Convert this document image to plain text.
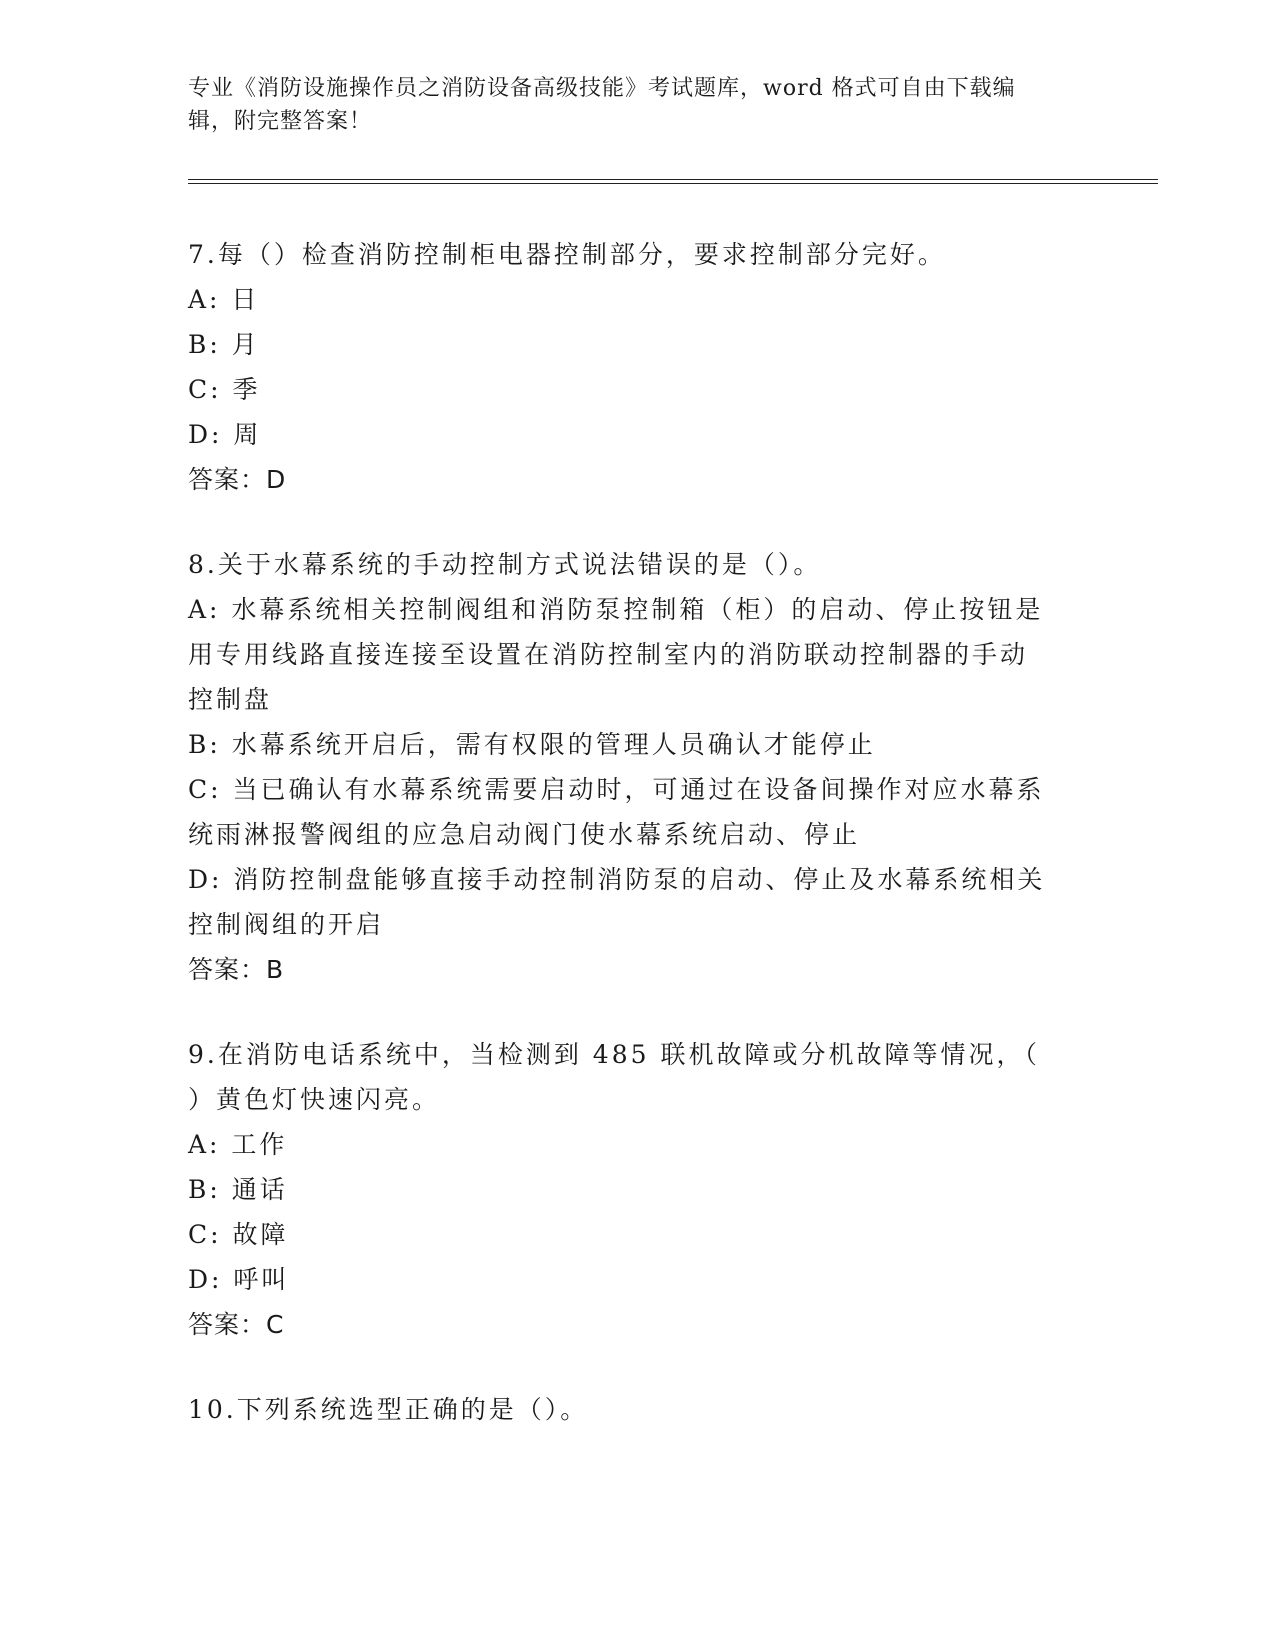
专业《消防设施操作员之消防设备高级技能》考试题库，word 格式可自由下载编
辑，附完整答案！
7.每（）检查消防控制柜电器控制部分，要求控制部分完好。
A: 日
B: 月
C: 季
D: 周
答案：D
8.关于水幕系统的手动控制方式说法错误的是（）。
A: 水幕系统相关控制阀组和消防泵控制箱（柜）的启动、停止按钮是
用专用线路直接连接至设置在消防控制室内的消防联动控制器的手动
控制盘
B: 水幕系统开启后，需有权限的管理人员确认才能停止
C: 当已确认有水幕系统需要启动时，可通过在设备间操作对应水幕系
统雨淋报警阀组的应急启动阀门使水幕系统启动、停止
D: 消防控制盘能够直接手动控制消防泵的启动、停止及水幕系统相关
控制阀组的开启
答案：B
9.在消防电话系统中，当检测到 485 联机故障或分机故障等情况，（
）黄色灯快速闪亮。
A: 工作
B: 通话
C: 故障
D: 呼叫
答案：C
10.下列系统选型正确的是（）。
